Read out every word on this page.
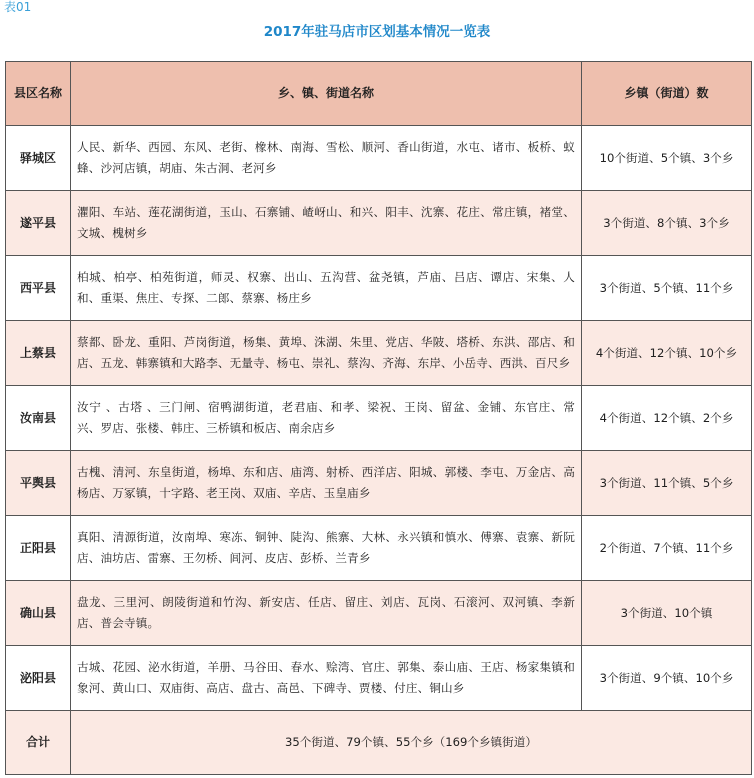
表01
2017年驻马店市区划基本情况一览表
县区名称	乡、镇、街道名称	乡镇（街道）数
驿城区	人民、新华、西园、东风、老街、橡林、南海、雪松、顺河、香山街道，水屯、诸市、板桥、蚁蜂、沙河店镇，胡庙、朱古洞、老河乡	10个街道、5个镇、3个乡
遂平县	灈阳、车站、莲花湖街道，玉山、石寨铺、嵖岈山、和兴、阳丰、沈寨、花庄、常庄镇，褚堂、文城、槐树乡	3个街道、8个镇、3个乡
西平县	柏城、柏亭、柏苑街道，师灵、权寨、出山、五沟营、盆尧镇，芦庙、吕店、谭店、宋集、人和、重渠、焦庄、专探、二郎、蔡寨、杨庄乡	3个街道、5个镇、11个乡
上蔡县	蔡都、卧龙、重阳、芦岗街道，杨集、黄埠、洙湖、朱里、党店、华陂、塔桥、东洪、邵店、和店、五龙、韩寨镇和大路李、无量寺、杨屯、崇礼、蔡沟、齐海、东岸、小岳寺、西洪、百尺乡	4个街道、12个镇、10个乡
汝南县	汝宁 、古塔 、三门闸、宿鸭湖街道，老君庙、和孝、梁祝、王岗、留盆、金铺、东官庄、常兴、罗店、张楼、韩庄、三桥镇和板店、南余店乡	4个街道、12个镇、2个乡
平舆县	古槐、清河、东皇街道，杨埠、东和店、庙湾、射桥、西洋店、阳城、郭楼、李屯、万金店、高杨店、万冢镇，十字路、老王岗、双庙、辛店、玉皇庙乡	3个街道、11个镇、5个乡
正阳县	真阳、清源街道，汝南埠、寒冻、铜钟、陡沟、熊寨、大林、永兴镇和慎水、傅寨、袁寨、新阮店、油坊店、雷寨、王勿桥、闾河、皮店、彭桥、兰青乡	2个街道、7个镇、11个乡
确山县	盘龙、三里河、朗陵街道和竹沟、新安店、任店、留庄、刘店、瓦岗、石滚河、双河镇、李新店、普会寺镇。	3个街道、10个镇
泌阳县	古城、花园、泌水街道，羊册、马谷田、春水、赊湾、官庄、郭集、泰山庙、王店、杨家集镇和象河、黄山口、双庙街、高店、盘古、高邑、下碑寺、贾楼、付庄、铜山乡	3个街道、9个镇、10个乡
合计	35个街道、79个镇、55个乡（169个乡镇街道）	
